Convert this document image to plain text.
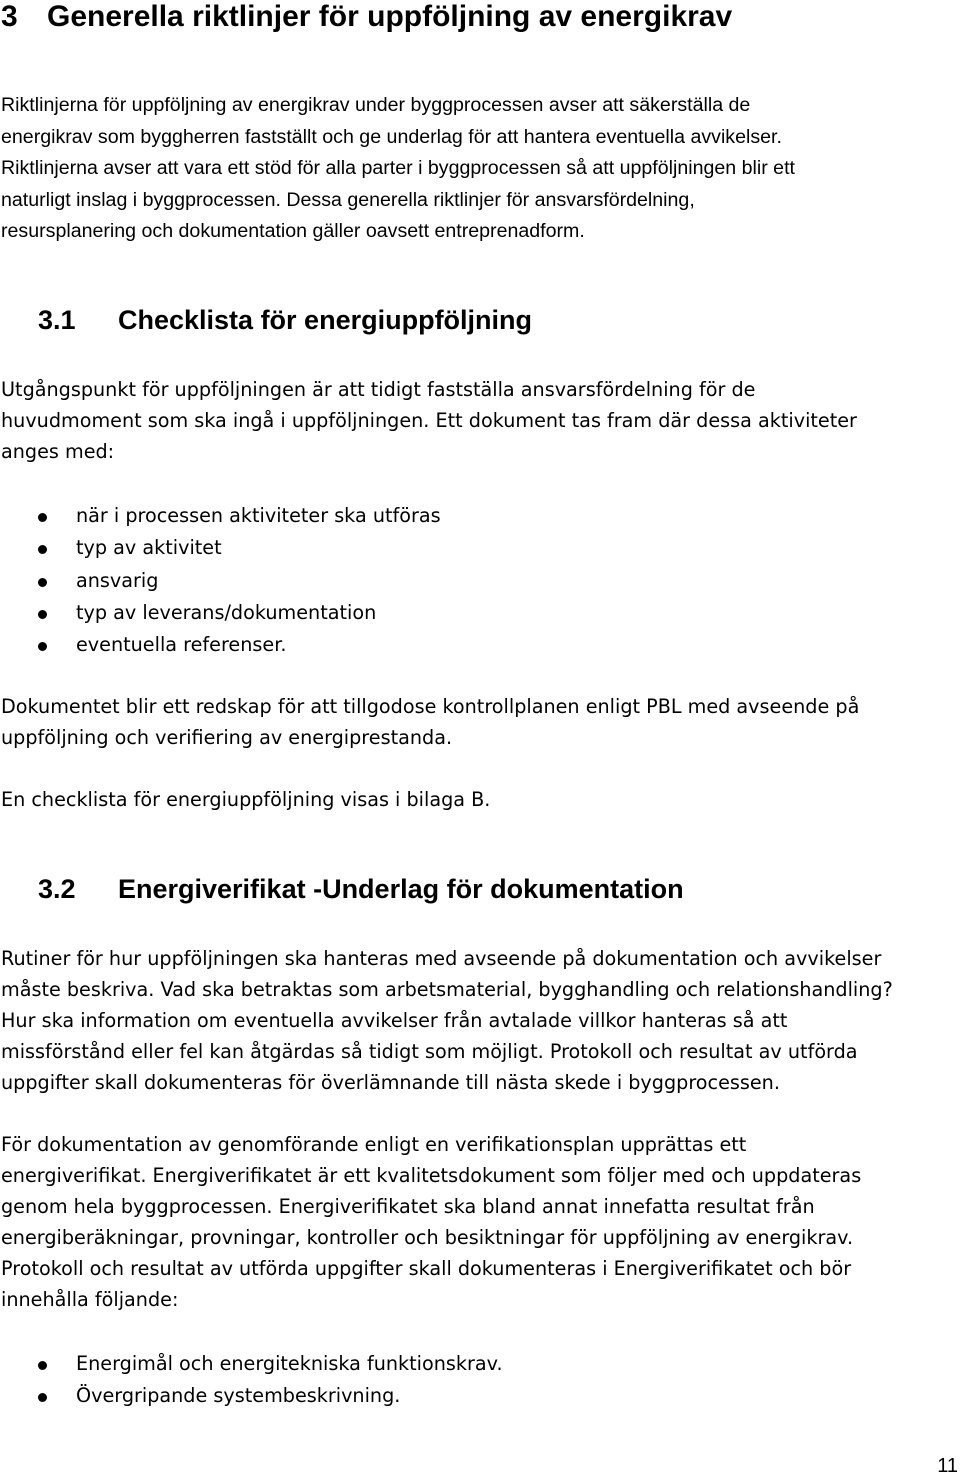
3 Generella riktlinjer för uppföljning av energikrav
Riktlinjerna för uppföljning av energikrav under byggprocessen avser att säkerställa de
energikrav som byggherren fastställt och ge underlag för att hantera eventuella avvikelser.
Riktlinjerna avser att vara ett stöd för alla parter i byggprocessen så att uppföljningen blir ett
naturligt inslag i byggprocessen. Dessa generella riktlinjer för ansvarsfördelning,
resursplanering och dokumentation gäller oavsett entreprenadform.
3.1 Checklista för energiuppföljning
Utgångspunkt för uppföljningen är att tidigt fastställa ansvarsfördelning för de
huvudmoment som ska ingå i uppföljningen. Ett dokument tas fram där dessa aktiviteter
anges med:
när i processen aktiviteter ska utföras
typ av aktivitet
ansvarig
typ av leverans/dokumentation
eventuella referenser.
Dokumentet blir ett redskap för att tillgodose kontrollplanen enligt PBL med avseende på
uppföljning och verifiering av energiprestanda.
En checklista för energiuppföljning visas i bilaga B.
3.2 Energiverifikat -Underlag för dokumentation
Rutiner för hur uppföljningen ska hanteras med avseende på dokumentation och avvikelser
måste beskriva. Vad ska betraktas som arbetsmaterial, bygghandling och relationshandling?
Hur ska information om eventuella avvikelser från avtalade villkor hanteras så att
missförstånd eller fel kan åtgärdas så tidigt som möjligt. Protokoll och resultat av utförda
uppgifter skall dokumenteras för överlämnande till nästa skede i byggprocessen.
För dokumentation av genomförande enligt en verifikationsplan upprättas ett
energiverifikat. Energiverifikatet är ett kvalitetsdokument som följer med och uppdateras
genom hela byggprocessen. Energiverifikatet ska bland annat innefatta resultat från
energiberäkningar, provningar, kontroller och besiktningar för uppföljning av energikrav.
Protokoll och resultat av utförda uppgifter skall dokumenteras i Energiverifikatet och bör
innehålla följande:
Energimål och energitekniska funktionskrav.
Övergripande systembeskrivning.
11
